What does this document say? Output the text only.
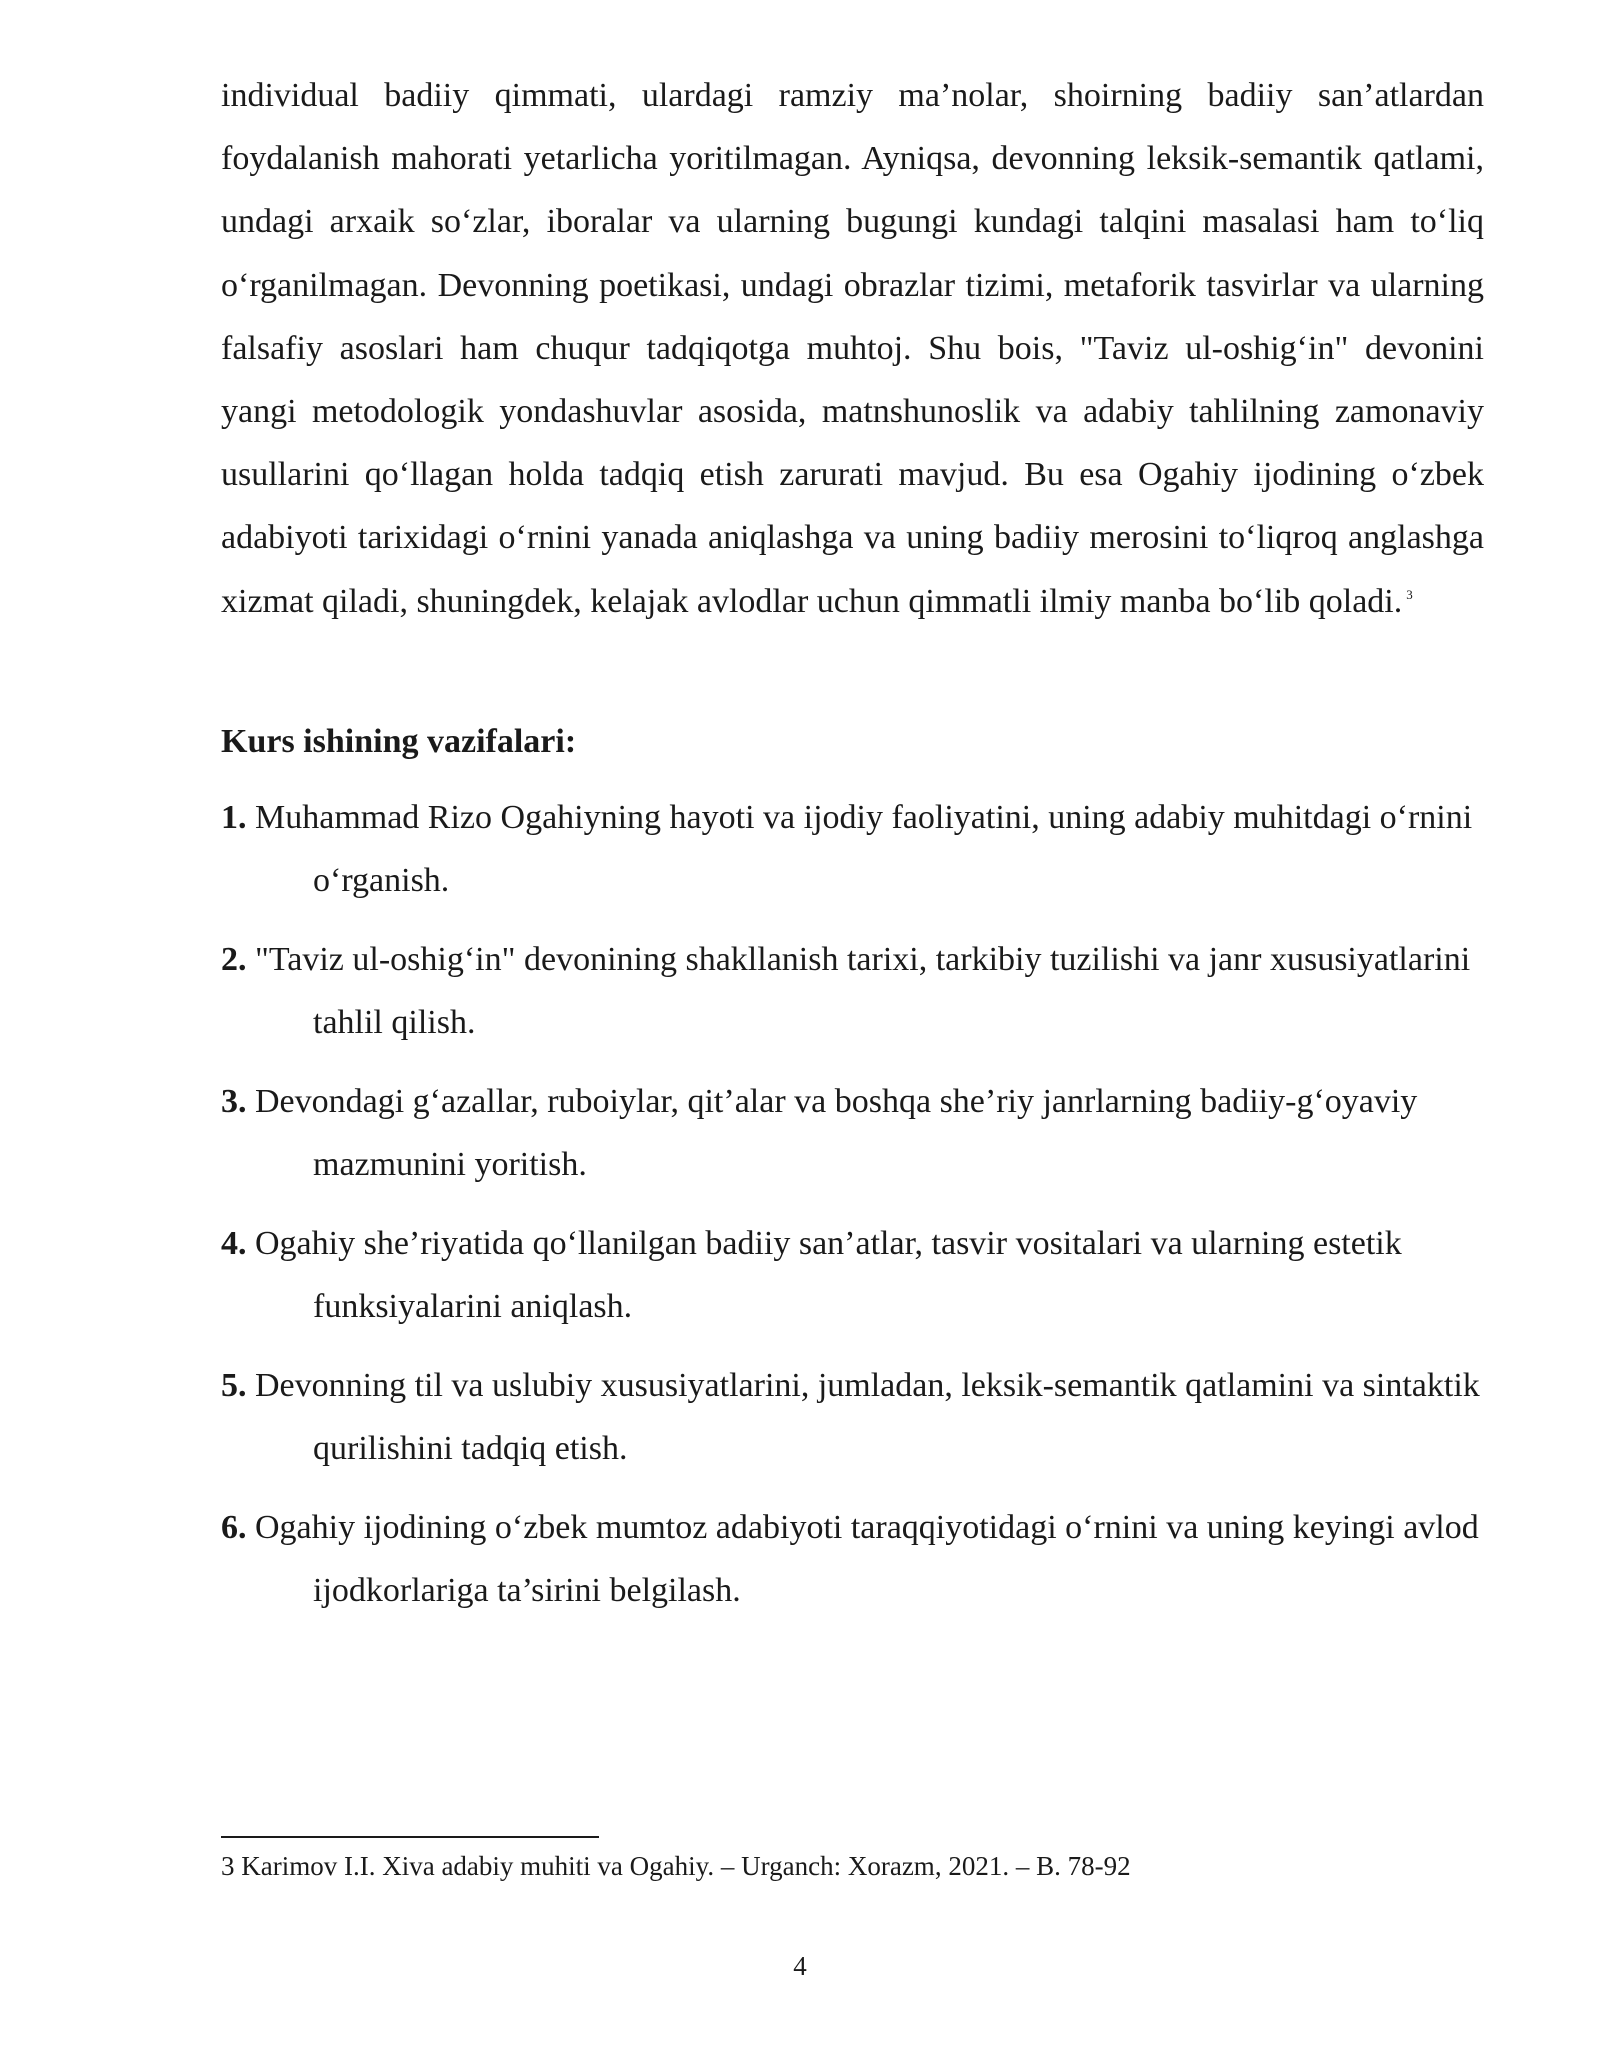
individual badiiy qimmati, ulardagi ramziy ma’nolar, shoirning badiiy san’atlardan foydalanish mahorati yetarlicha yoritilmagan. Ayniqsa, devonning leksik-semantik qatlami, undagi arxaik so‘zlar, iboralar va ularning bugungi kundagi talqini masalasi ham to‘liq o‘rganilmagan. Devonning poetikasi, undagi obrazlar tizimi, metaforik tasvirlar va ularning falsafiy asoslari ham chuqur tadqiqotga muhtoj. Shu bois, "Taviz ul-oshig‘in" devonini yangi metodologik yondashuvlar asosida, matnshunoslik va adabiy tahlilning zamonaviy usullarini qo‘llagan holda tadqiq etish zarurati mavjud. Bu esa Ogahiy ijodining o‘zbek adabiyoti tarixidagi o‘rnini yanada aniqlashga va uning badiiy merosini to‘liqroq anglashga xizmat qiladi, shuningdek, kelajak avlodlar uchun qimmatli ilmiy manba bo‘lib qoladi. $^3$

Kurs ishining vazifalari:
1. Muhammad Rizo Ogahiyning hayoti va ijodiy faoliyatini, uning adabiy muhitdagi o‘rnini o‘rganish.
2. "Taviz ul-oshig‘in" devonining shakllanish tarixi, tarkibiy tuzilishi va janr xususiyatlarini tahlil qilish.
3. Devondagi g‘azallar, ruboiylar, qit’alar va boshqa she’riy janrlarning badiiy-g‘oyaviy mazmunini yoritish.
4. Ogahiy she’riyatida qo‘llanilgan badiiy san’atlar, tasvir vositalari va ularning estetik funksiyalarini aniqlash.
5. Devonning til va uslubiy xususiyatlarini, jumladan, leksik-semantik qatlamini va sintaktik qurilishini tadqiq etish.
6. Ogahiy ijodining o‘zbek mumtoz adabiyoti taraqqiyotidagi o‘rnini va uning keyingi avlod ijodkorlariga ta’sirini belgilash.

3 Karimov I.I. Xiva adabiy muhiti va Ogahiy. – Urganch: Xorazm, 2021. – B. 78-92

4
